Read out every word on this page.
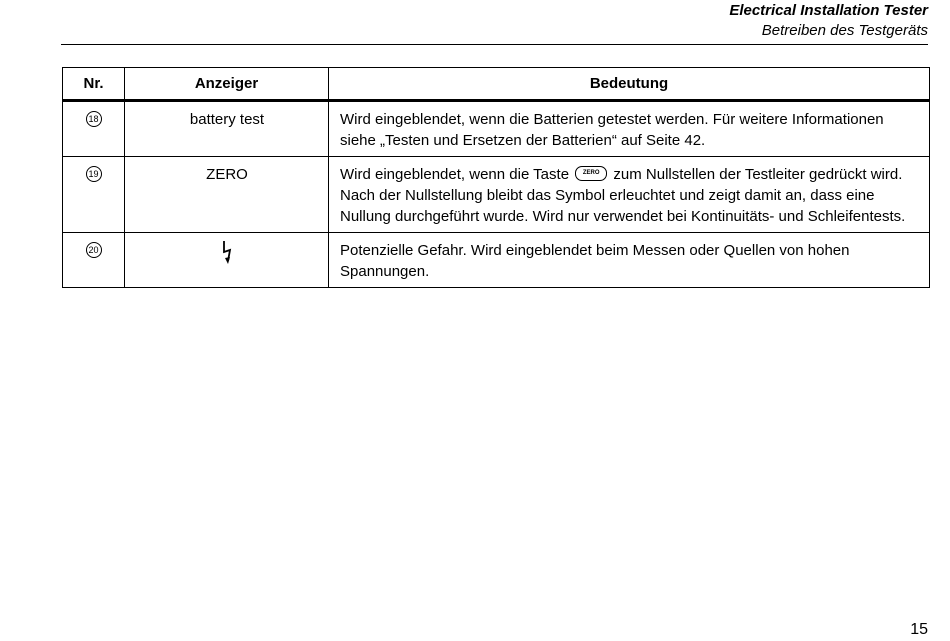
Electrical Installation Tester
Betreiben des Testgeräts
Nr.	Anzeiger	Bedeutung
18	battery test	Wird eingeblendet, wenn die Batterien getestet werden. Für weitere Informationen siehe „Testen und Ersetzen der Batterien“ auf Seite 42.
19	ZERO	Wird eingeblendet, wenn die Taste ZERO zum Nullstellen der Testleiter gedrückt wird. Nach der Nullstellung bleibt das Symbol erleuchtet und zeigt damit an, dass eine Nullung durchgeführt wurde. Wird nur verwendet bei Kontinuitäts- und Schleifentests.
20		Potenzielle Gefahr. Wird eingeblendet beim Messen oder Quellen von hohen Spannungen.
15
